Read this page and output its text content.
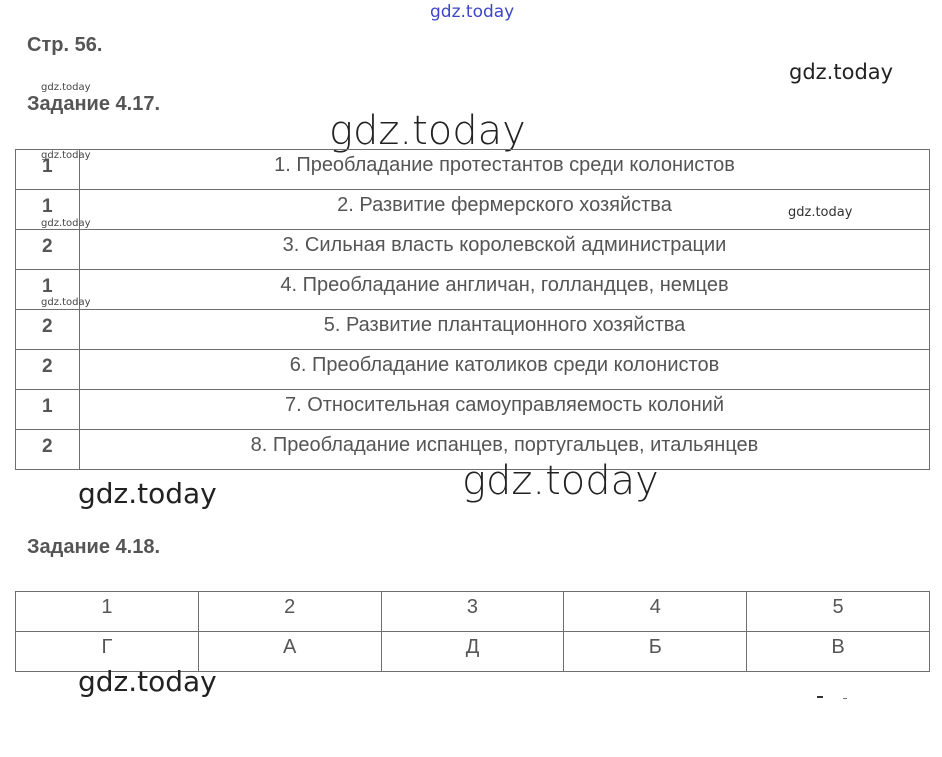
gdz.today
gdz.today
gdz.today
gdz.today
gdz.today
Стр. 56.
Задание 4.17.
1	1. Преобладание протестантов среди колонистов
1	2. Развитие фермерского хозяйства
2	3. Сильная власть королевской администрации
1	4. Преобладание англичан, голландцев, немцев
2	5. Развитие плантационного хозяйства
2	6. Преобладание католиков среди колонистов
1	7. Относительная самоуправляемость колоний
2	8. Преобладание испанцев, португальцев, итальянцев
gdz.today
gdz.today
gdz.today
gdz.today	gdz.today
Задание 4.18.
1	2	3	4	5
Г	А	Д	Б	В
gdz.today
